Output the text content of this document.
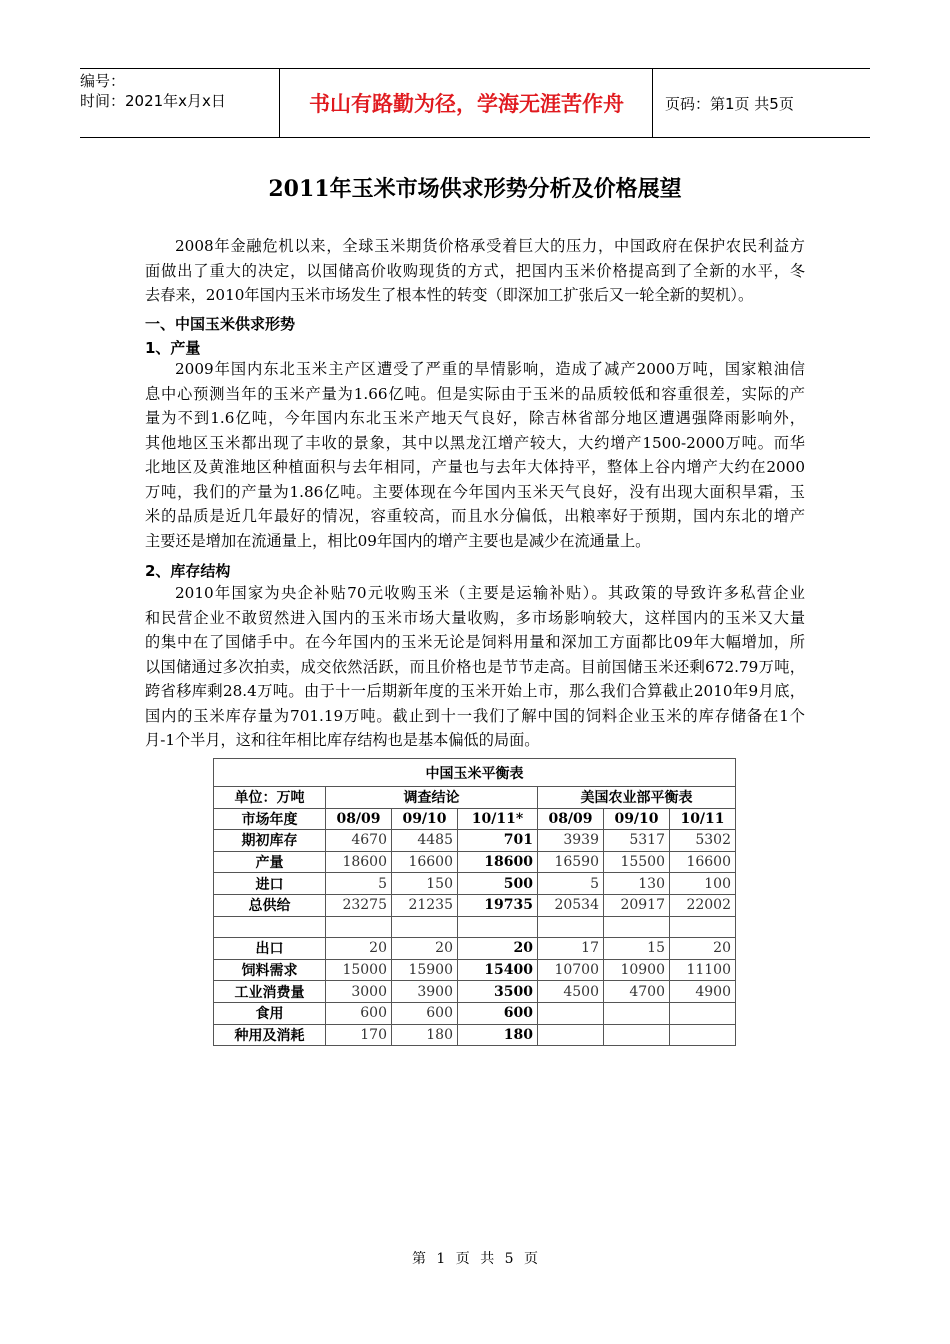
编号：
时间：2021年x月x日	书山有路勤为径，学海无涯苦作舟	页码：第1页 共5页
2011年玉米市场供求形势分析及价格展望
2008年金融危机以来，全球玉米期货价格承受着巨大的压力，中国政府在保护农民利益方
面做出了重大的决定，以国储高价收购现货的方式，把国内玉米价格提高到了全新的水平，冬
去春来，2010年国内玉米市场发生了根本性的转变（即深加工扩张后又一轮全新的契机）。
一、中国玉米供求形势
1、产量
2009年国内东北玉米主产区遭受了严重的旱情影响，造成了减产2000万吨，国家粮油信
息中心预测当年的玉米产量为1.66亿吨。但是实际由于玉米的品质较低和容重很差，实际的产
量为不到1.6亿吨，今年国内东北玉米产地天气良好，除吉林省部分地区遭遇强降雨影响外，
其他地区玉米都出现了丰收的景象，其中以黑龙江增产较大，大约增产1500-2000万吨。而华
北地区及黄淮地区种植面积与去年相同，产量也与去年大体持平，整体上谷内增产大约在2000
万吨，我们的产量为1.86亿吨。主要体现在今年国内玉米天气良好，没有出现大面积旱霜，玉
米的品质是近几年最好的情况，容重较高，而且水分偏低，出粮率好于预期，国内东北的增产
主要还是增加在流通量上，相比09年国内的增产主要也是减少在流通量上。
2、库存结构
2010年国家为央企补贴70元收购玉米（主要是运输补贴）。其政策的导致许多私营企业
和民营企业不敢贸然进入国内的玉米市场大量收购，多市场影响较大，这样国内的玉米又大量
的集中在了国储手中。在今年国内的玉米无论是饲料用量和深加工方面都比09年大幅增加，所
以国储通过多次拍卖，成交依然活跃，而且价格也是节节走高。目前国储玉米还剩672.79万吨，
跨省移库剩28.4万吨。由于十一后期新年度的玉米开始上市，那么我们合算截止2010年9月底，
国内的玉米库存量为701.19万吨。截止到十一我们了解中国的饲料企业玉米的库存储备在1个
月-1个半月，这和往年相比库存结构也是基本偏低的局面。
中国玉米平衡表						
单位：万吨	调查结论			美国农业部平衡表		
市场年度	08/09	09/10	10/11*	08/09	09/10	10/11
期初库存	4670	4485	701	3939	5317	5302
产量	18600	16600	18600	16590	15500	16600
进口	5	150	500	5	130	100
总供给	23275	21235	19735	20534	20917	22002

出口	20	20	20	17	15	20
饲料需求	15000	15900	15400	10700	10900	11100
工业消费量	3000	3900	3500	4500	4700	4900
食用	600	600	600			
种用及消耗	170	180	180			
第 1 页 共 5 页
